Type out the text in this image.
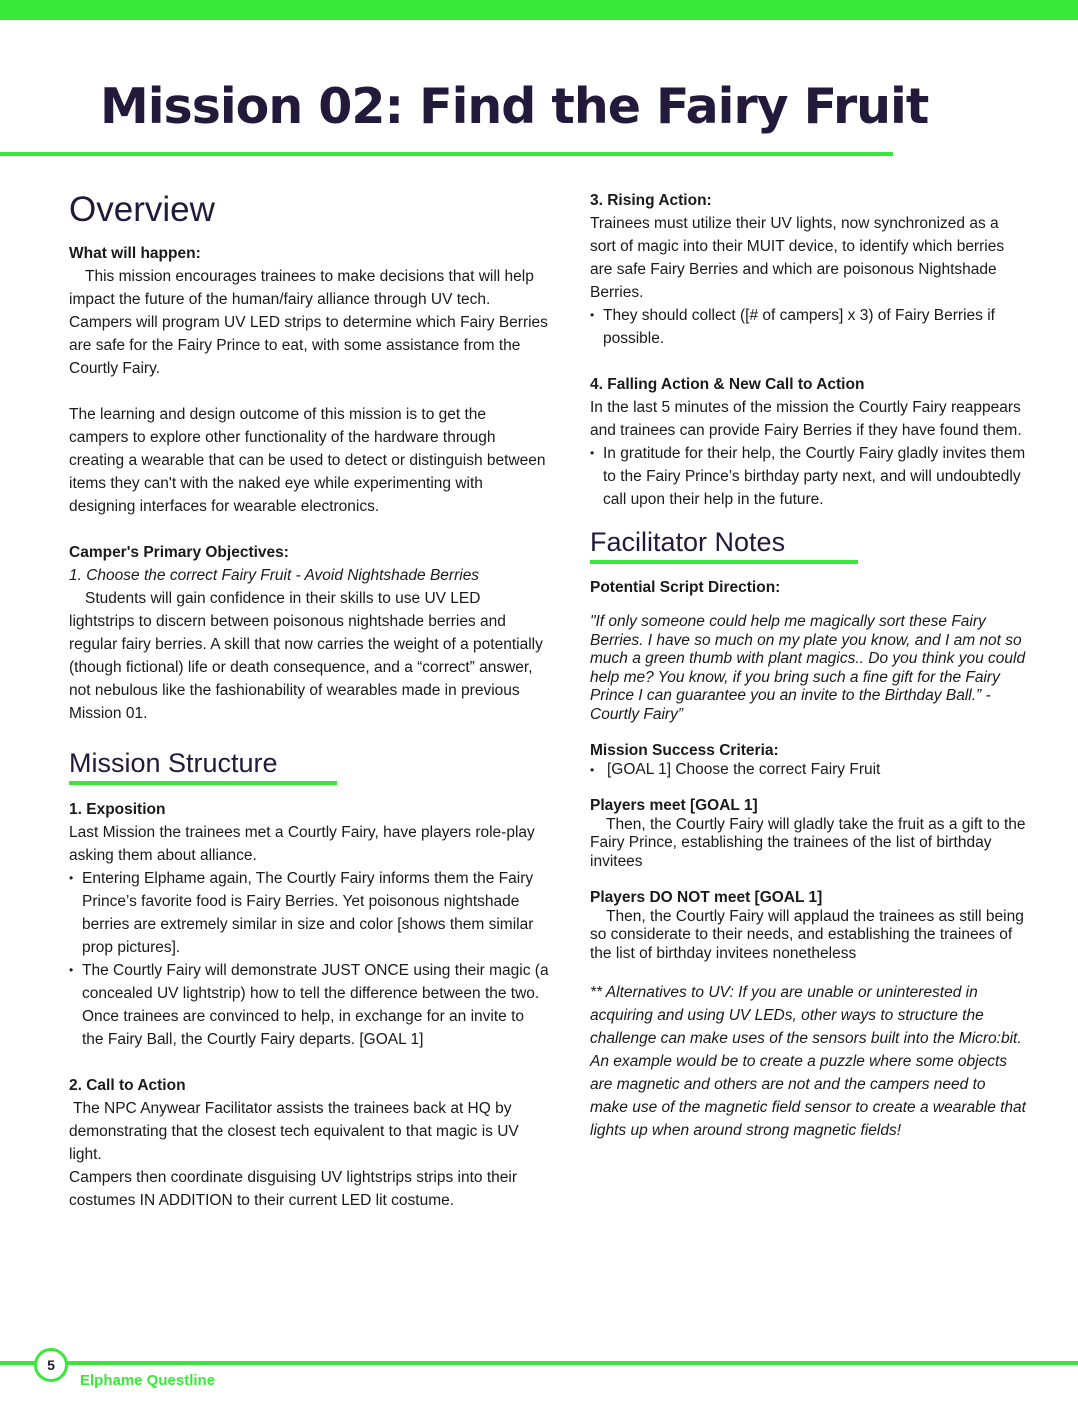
Mission 02: Find the Fairy Fruit
Overview

What will happen:

This mission encourages trainees to make decisions that will help impact the future of the human/fairy alliance through UV tech. Campers will program UV LED strips to determine which Fairy Berries are safe for the Fairy Prince to eat, with some assistance from the Courtly Fairy.

The learning and design outcome of this mission is to get the campers to explore other functionality of the hardware through creating a wearable that can be used to detect or distinguish between items they can't with the naked eye while experimenting with designing interfaces for wearable electronics.

Camper's Primary Objectives:

1. Choose the correct Fairy Fruit - Avoid Nightshade Berries

Students will gain confidence in their skills to use UV LED lightstrips to discern between poisonous nightshade berries and regular fairy berries. A skill that now carries the weight of a potentially (though fictional) life or death consequence, and a “correct” answer, not nebulous like the fashionability of wearables made in previous Mission 01.

Mission Structure

1. Exposition

Last Mission the trainees met a Courtly Fairy, have players role-play asking them about alliance.

• Entering Elphame again, The Courtly Fairy informs them the Fairy Prince’s favorite food is Fairy Berries. Yet poisonous nightshade berries are extremely similar in size and color [shows them similar prop pictures].
• The Courtly Fairy will demonstrate JUST ONCE using their magic (a concealed UV lightstrip) how to tell the difference between the two. Once trainees are convinced to help, in exchange for an invite to the Fairy Ball, the Courtly Fairy departs. [GOAL 1]

2. Call to Action

The NPC Anywear Facilitator assists the trainees back at HQ by demonstrating that the closest tech equivalent to that magic is UV light.

Campers then coordinate disguising UV lightstrips strips into their costumes IN ADDITION to their current LED lit costume.

3. Rising Action:

Trainees must utilize their UV lights, now synchronized as a sort of magic into their MUIT device, to identify which berries are safe Fairy Berries and which are poisonous Nightshade Berries.

• They should collect ([# of campers] x 3) of Fairy Berries if possible.

4. Falling Action & New Call to Action

In the last 5 minutes of the mission the Courtly Fairy reappears and trainees can provide Fairy Berries if they have found them.

• In gratitude for their help, the Courtly Fairy gladly invites them to the Fairy Prince’s birthday party next, and will undoubtedly call upon their help in the future.
Facilitator Notes

Potential Script Direction:

"If only someone could help me magically sort these Fairy Berries. I have so much on my plate you know, and I am not so much a green thumb with plant magics.. Do you think you could help me? You know, if you bring such a fine gift for the Fairy Prince I can guarantee you an invite to the Birthday Ball.” - Courtly Fairy”

Mission Success Criteria:

• [GOAL 1] Choose the correct Fairy Fruit

Players meet [GOAL 1]

Then, the Courtly Fairy will gladly take the fruit as a gift to the Fairy Prince, establishing the trainees of the list of birthday invitees

Players DO NOT meet [GOAL 1]

Then, the Courtly Fairy will applaud the trainees as still being so considerate to their needs, and establishing the trainees of the list of birthday invitees nonetheless

** Alternatives to UV: If you are unable or uninterested in acquiring and using UV LEDs, other ways to structure the challenge can make uses of the sensors built into the Micro:bit. An example would be to create a puzzle where some objects are magnetic and others are not and the campers need to make use of the magnetic field sensor to create a wearable that lights up when around strong magnetic fields!

5
Elphame Questline
